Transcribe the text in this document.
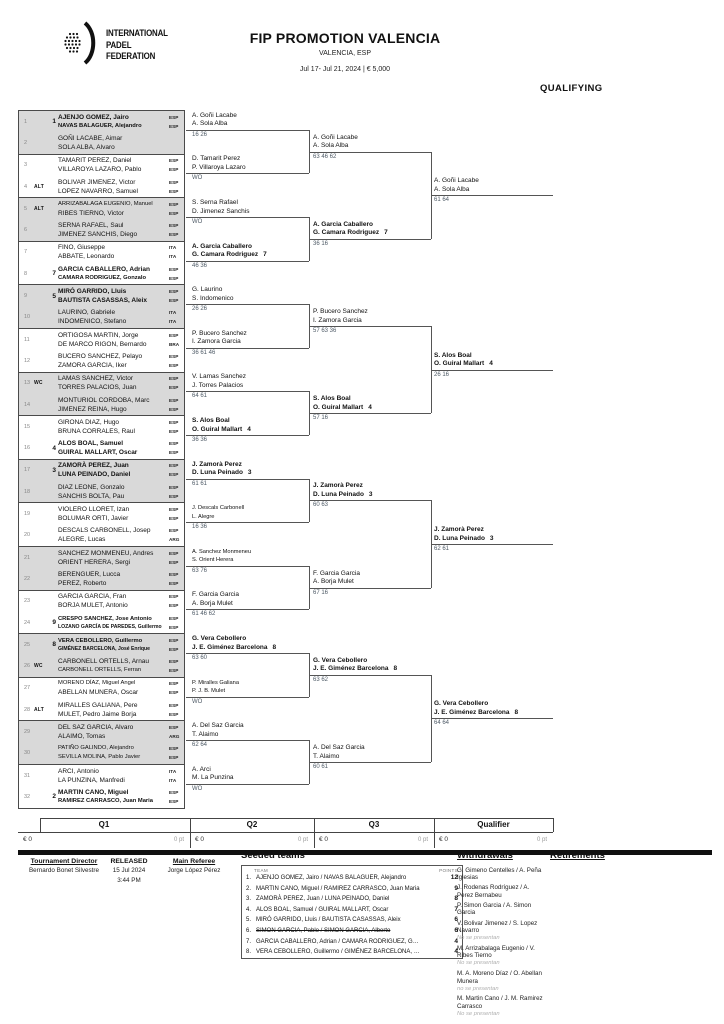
INTERNATIONAL
PADEL
FEDERATION
FIP PROMOTION VALENCIA
VALENCIA, ESP
Jul 17- Jul 21, 2024 | € 5,000
QUALIFYING
1	1
AJENJO GOMEZ, Jairo
NAVAS BALAGUER, Alejandro
ESP
ESP
2
GOÑI LACABE, Aimar
SOLA ALBA, Alvaro
3
TAMARIT PEREZ, Daniel
VILLAROYA LAZARO, Pablo
ESP
ESP
4	ALT
BOLIVAR JIMENEZ, Victor
LOPEZ NAVARRO, Samuel
ESP
ESP
5	ALT
ARRIZABALAGA EUGENIO, Manuel
RIBES TIERNO, Victor
ESP
ESP
6
SERNA RAFAEL, Saul
JIMENEZ SANCHIS, Diego
ESP
ESP
7
FINO, Giuseppe
ABBATE, Leonardo
ITA
ITA
8	7
GARCIA CABALLERO, Adrian
CAMARA RODRIGUEZ, Gonzalo
ESP
ESP
9	5
MIRÓ GARRIDO, Lluis
BAUTISTA CASASSAS, Aleix
ESP
ESP
10
LAURINO, Gabriele
INDOMENICO, Stefano
ITA
ITA
11
ORTIGOSA MARTIN, Jorge
DE MARCO RIGON, Bernardo
ESP
BRA
12
BUCERO SANCHEZ, Pelayo
ZAMORA GARCIA, Iker
ESP
ESP
13 WC
LAMAS SANCHEZ, Victor
TORRES PALACIOS, Juan
ESP
ESP
14
MONTURIOL CORDOBA, Marc
JIMENEZ REINA, Hugo
ESP
ESP
15
GIRONA DIAZ, Hugo
BRUNA CORRALES, Raul
ESP
ESP
16	4
ALOS BOAL, Samuel
GUIRAL MALLART, Oscar
ESP
ESP
17	3
ZAMORÀ PEREZ, Juan
LUNA PEINADO, Daniel
ESP
ESP
18
DIAZ LEONE, Gonzalo
SANCHIS BOLTA, Pau
ESP
ESP
19
VIOLERO LLORET, Izan
BOLUMAR ORTI, Javier
ESP
ESP
20
DESCALS CARBONELL, Josep
ALEGRE, Lucas
ESP
ARG
21
SANCHEZ MONMENEU, Andres
ORIENT HERERA, Sergi
ESP
ESP
22
BERENGUER, Lucca
PEREZ, Roberto
ESP
ESP
23
GARCIA GARCIA, Fran
BORJA MULET, Antonio
ESP
ESP
24	9
CRESPO SANCHEZ, Jose Antonio
LOZANO GARCÍA DE PAREDES, Guillermo
ESP
ESP
25	8
VERA CEBOLLERO, Guillermo
GIMÉNEZ BARCELONA, José Enrique
ESP
ESP
26 WC
CARBONELL ORTELLS, Arnau
CARBONELL ORTELLS, Ferran
ESP
ESP
27
MORENO DÍAZ, Miguel Angel
ABELLAN MUNERA, Oscar
ESP
ESP
28 ALT
MIRALLES GALIANA, Pere
MULET, Pedro Jaime Borja
ESP
ESP
29
DEL SAZ GARCIA, Alvaro
ALAIMO, Tomas
ESP
ARG
30
PATIÑO GALINDO, Alejandro
SEVILLA MOLINA, Pablo Javier
ESP
ESP
31
ARCI, Antonio
LA PUNZINA, Manfredi
ITA
ITA
32	2
MARTIN CANO, Miguel
RAMIREZ CARRASCO, Juan Maria
ESP
ESP
A. Goñi Lacabe
A. Sola Alba
16 26
D. Tamarit Perez
P. Villaroya Lazaro
WO
S. Serna Rafael
D. Jimenez Sanchis
WO
A. Garcia Caballero
G. Camara Rodriguez 7
46 36
G. Laurino
S. Indomenico
26 26
P. Bucero Sanchez
I. Zamora Garcia
36 61 46
V. Lamas Sanchez
J. Torres Palacios
64 61
S. Alos Boal
O. Guiral Mallart 4
36 36
J. Zamorà Perez
D. Luna Peinado 3
61 61
J. Descals Carbonell
L. Alegre
16 36
A. Sanchez Monmeneu
S. Orient Herera
63 76
F. Garcia Garcia
A. Borja Mulet
61 46 62
G. Vera Cebollero
J. E. Giménez Barcelona 8
63 60
P. Miralles Galiana
P. J. B. Mulet
WO
A. Del Saz Garcia
T. Alaimo
62 64
A. Arci
M. La Punzina
WO
A. Goñi Lacabe
A. Sola Alba
63 46 62
A. Garcia Caballero
G. Camara Rodriguez 7
36 16
P. Bucero Sanchez
I. Zamora Garcia
57 63 36
S. Alos Boal
O. Guiral Mallart 4
57 16
J. Zamorà Perez
D. Luna Peinado 3
60 63
F. Garcia Garcia
A. Borja Mulet
67 16
G. Vera Cebollero
J. E. Giménez Barcelona 8
63 62
A. Del Saz Garcia
T. Alaimo
60 61
A. Goñi Lacabe
A. Sola Alba
61 64
S. Alos Boal
O. Guiral Mallart 4
26 16
J. Zamorà Perez
D. Luna Peinado 3
62 61
G. Vera Cebollero
J. E. Giménez Barcelona 8
64 64
Q1
€ 0	0 pt
Q2
€ 0	0 pt
Q3
€ 0	0 pt
Qualifier
€ 0	0 pt
Tournament Director
Bernardo Bonet Silvestre
RELEASED
15 Jul 2024
3:44 PM
Main Referee
Jorge López Pérez
Seeded teams
TEAM	POINTS
1. AJENJO GOMEZ, Jairo / NAVAS BALAGUER, Alejandro	12
2. MARTIN CANO, Miguel / RAMIREZ CARRASCO, Juan Maria	9
3. ZAMORÀ PEREZ, Juan / LUNA PEINADO, Daniel	8
4. ALOS BOAL, Samuel / GUIRAL MALLART, Oscar	7
5. MIRÓ GARRIDO, Lluis / BAUTISTA CASASSAS, Aleix	6
6. SIMON GARCIA, Pablo / SIMON GARCIA, Alberto	6
7. GARCIA CABALLERO, Adrian / CAMARA RODRIGUEZ, G…	4
8. VERA CEBOLLERO, Guillermo / GIMÉNEZ BARCELONA, …	4
Withdrawals
G. Gimeno Centelles / A. Peña Iglesias
J. Rodenas Rodríguez / A. Perez Bernabeu
P. Simon Garcia / A. Simon Garcia
V. Bolivar Jimenez / S. Lopez Navarro
No se presentan
M. Arrizabalaga Eugenio / V. Ribes Tierno
No se presentan
M. A. Moreno Díaz / O. Abellan Munera
no se presentan
M. Martin Cano / J. M. Ramirez Carrasco
No se presentan
Retirements
